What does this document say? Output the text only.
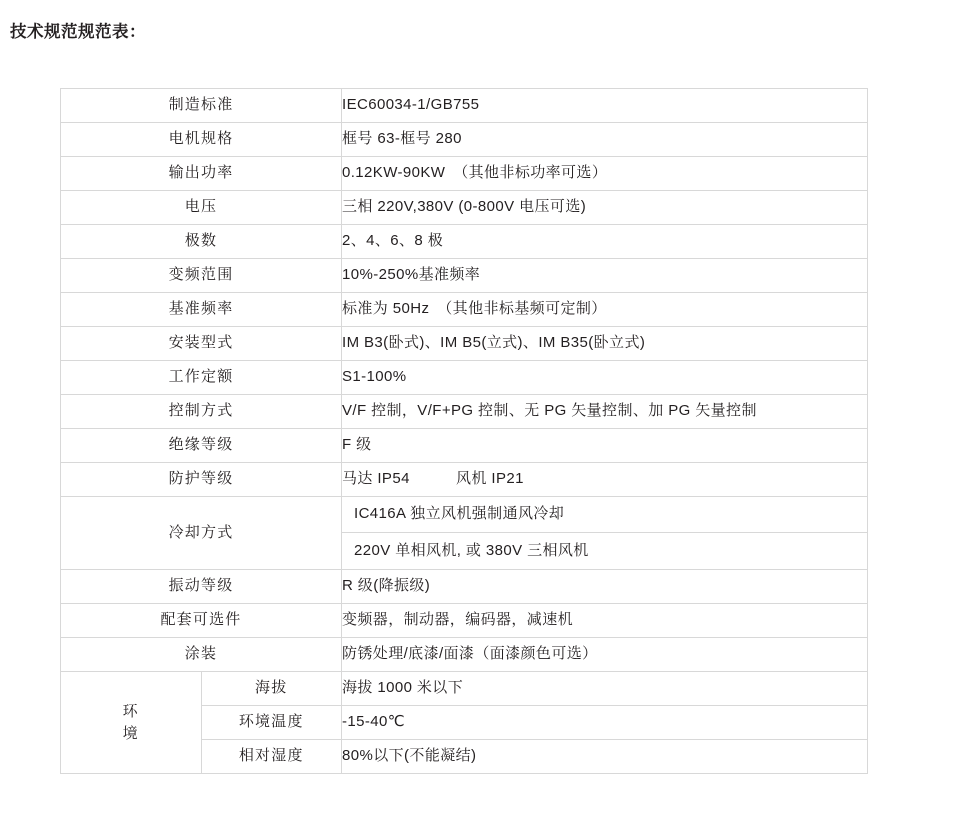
技术规范规范表：
制造标准		IEC60034-1/GB755
电机规格		框号 63-框号 280
输出功率		0.12KW-90KW　（其他非标功率可选）
电压		三相 220V,380V (0-800V 电压可选)
极数		2、4、6、8 极
变频范围		10%-250%基准频率
基准频率		标准为 50Hz　（其他非标基频可定制）
安装型式		IM B3(卧式)、IM B5(立式)、IM B35(卧立式)
工作定额		S1-100%
控制方式		V/F 控制，V/F+PG 控制、无 PG 矢量控制、加 PG 矢量控制
绝缘等级		F 级
防护等级		马达 IP54　　　风机 IP21
冷却方式		IC416A 独立风机强制通风冷却
220V 单相风机, 或 380V 三相风机

振动等级		R 级(降振级)
配套可选件		变频器，制动器，编码器，减速机
涂装		防锈处理/底漆/面漆（面漆颜色可选）

环
境	海拔	海拔 1000 米以下
	环境温度	-15-40℃
	相对湿度	80%以下(不能凝结)
